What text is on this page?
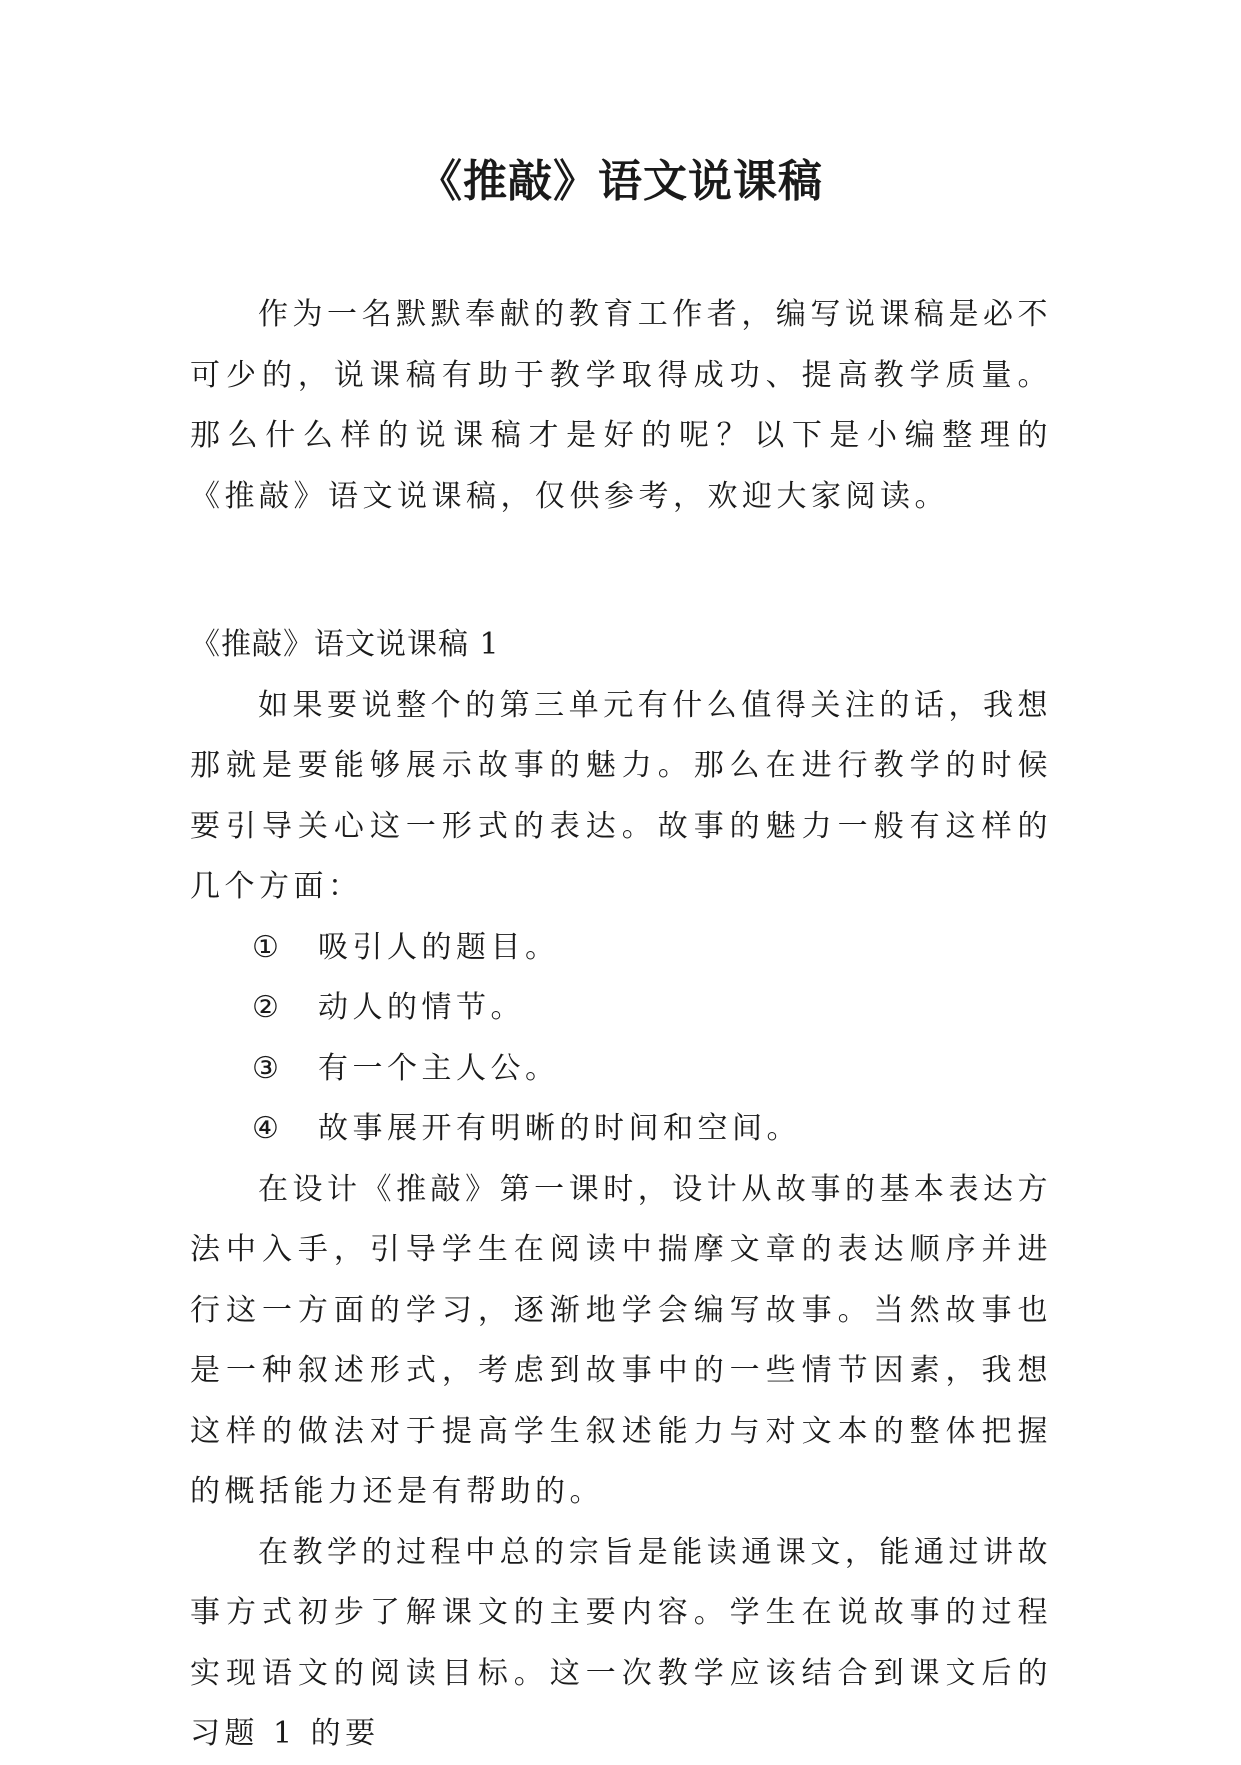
《推敲》语文说课稿

作为一名默默奉献的教育工作者，编写说课稿是必不可少的，说课稿有助于教学取得成功、提高教学质量。那么什么样的说课稿才是好的呢？以下是小编整理的《推敲》语文说课稿，仅供参考，欢迎大家阅读。

《推敲》语文说课稿 1

如果要说整个的第三单元有什么值得关注的话，我想那就是要能够展示故事的魅力。那么在进行教学的时候要引导关心这一形式的表达。故事的魅力一般有这样的几个方面：

①	吸引人的题目。

②	动人的情节。

③	有一个主人公。

④	故事展开有明晰的时间和空间。

在设计《推敲》第一课时，设计从故事的基本表达方法中入手，引导学生在阅读中揣摩文章的表达顺序并进行这一方面的学习，逐渐地学会编写故事。当然故事也是一种叙述形式，考虑到故事中的一些情节因素，我想这样的做法对于提高学生叙述能力与对文本的整体把握的概括能力还是有帮助的。

在教学的过程中总的宗旨是能读通课文，能通过讲故事方式初步了解课文的主要内容。学生在说故事的过程实现语文的阅读目标。这一次教学应该结合到课文后的习题 1 的要
